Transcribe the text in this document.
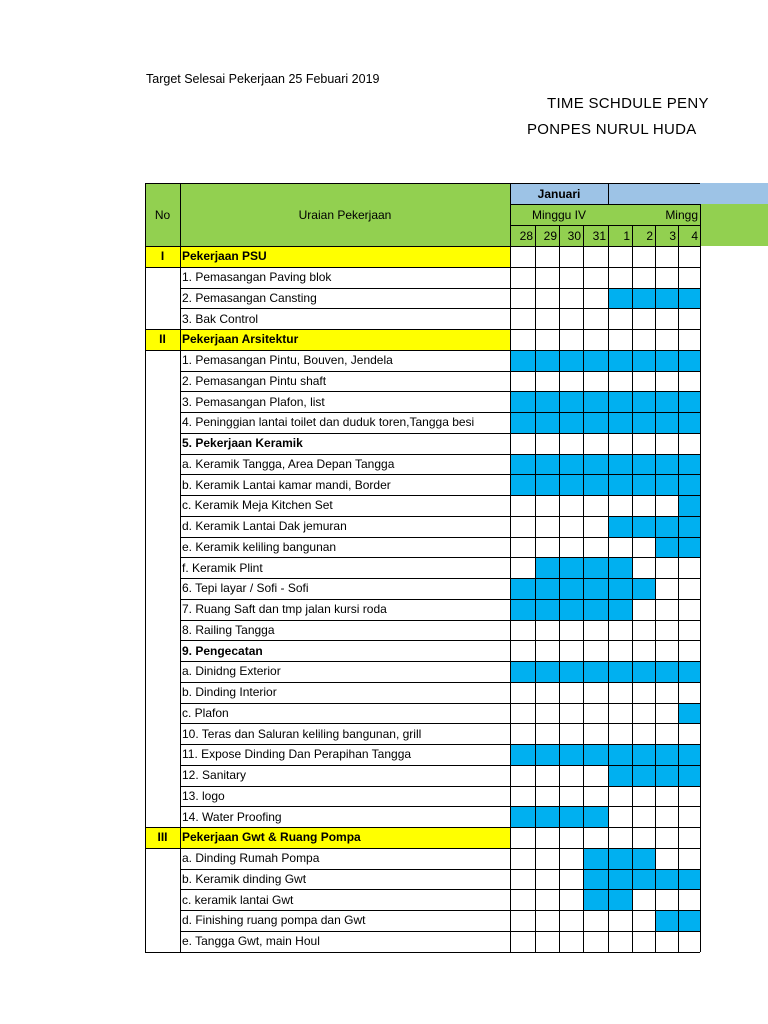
Target Selesai Pekerjaan 25 Febuari 2019
TIME SCHDULE PENY
PONPES NURUL HUDA
No	Uraian Pekerjaan
Januari
Minggu IV	Mingg
28 29 30 31	1	2	3	4
I	Pekerjaan PSU
1. Pemasangan Paving blok
2. Pemasangan Cansting
3. Bak Control
II	Pekerjaan Arsitektur
1. Pemasangan Pintu, Bouven, Jendela
2. Pemasangan Pintu shaft
3. Pemasangan Plafon, list
4. Peninggian lantai toilet dan duduk toren,Tangga besi
5. Pekerjaan Keramik
a. Keramik Tangga, Area Depan Tangga
b. Keramik Lantai kamar mandi, Border
c. Keramik Meja Kitchen Set
d. Keramik Lantai Dak jemuran
e. Keramik keliling bangunan
f. Keramik Plint
6. Tepi layar / Sofi - Sofi
7. Ruang Saft dan tmp jalan kursi roda
8. Railing Tangga
9. Pengecatan
a. Dinidng Exterior
b. Dinding Interior
c. Plafon
10. Teras dan Saluran keliling bangunan, grill
11. Expose Dinding Dan Perapihan Tangga
12. Sanitary
13. logo
14. Water Proofing
III	Pekerjaan Gwt & Ruang Pompa
a. Dinding Rumah Pompa
b. Keramik dinding Gwt
c. keramik lantai Gwt
d. Finishing ruang pompa dan Gwt
e. Tangga Gwt, main Houl
